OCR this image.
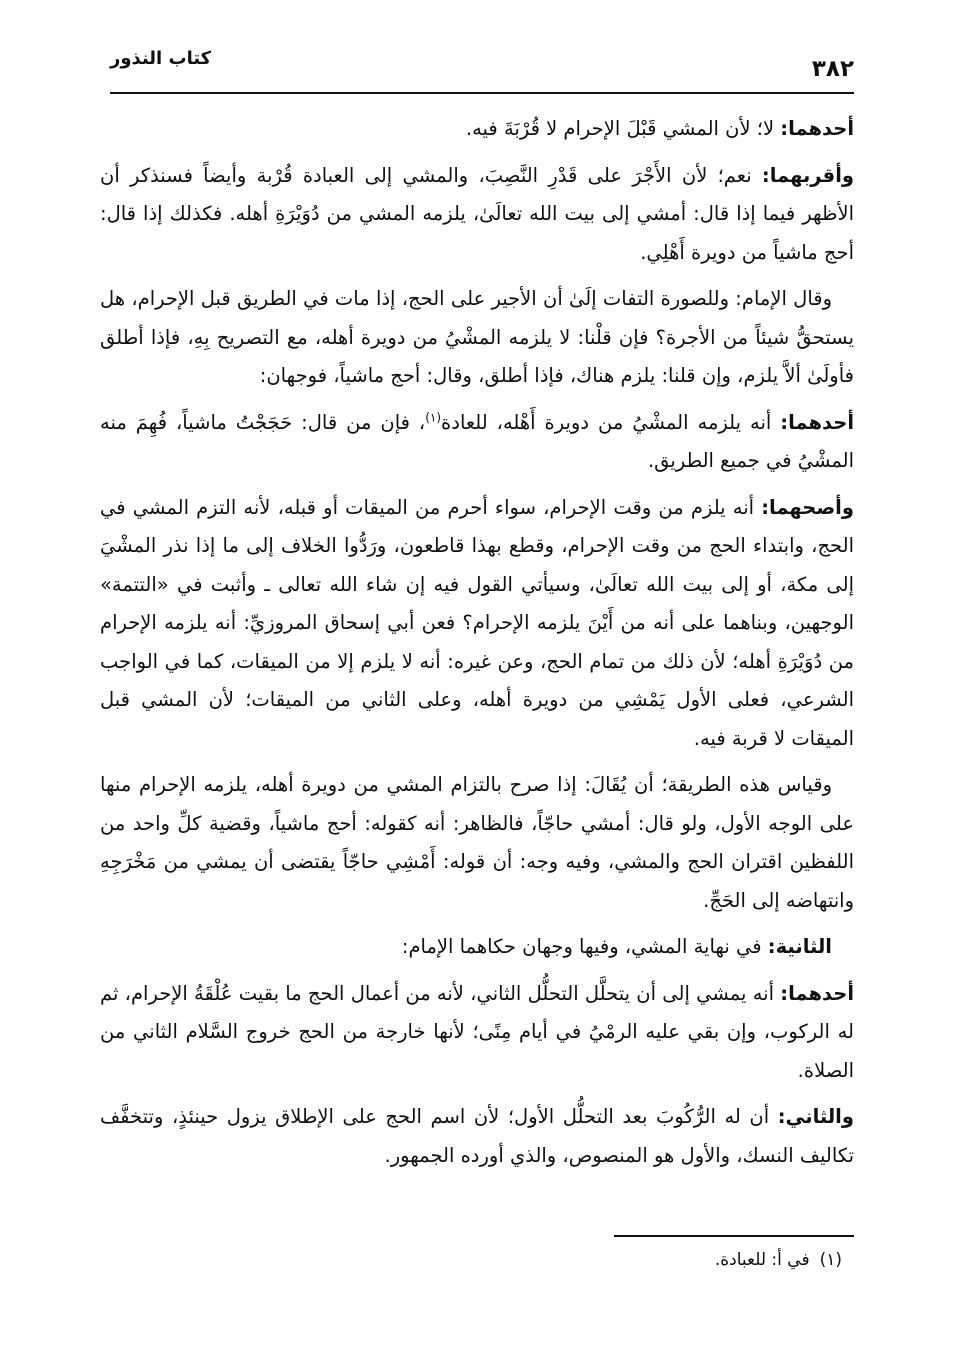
٣٨٢
كتاب النذور

أحدهما: لا؛ لأن المشي قَبْلَ الإحرام لا قُرْبَةَ فيه.

وأقربهما: نعم؛ لأن الأَجْرَ على قَدْرِ النَّصِبَ، والمشي إلى العبادة قُرْبة وأيضاً فسنذكر أن الأظهر فيما إذا قال: أمشي إلى بيت الله تعالَىٰ، يلزمه المشي من دُوَيْرَةِ أهله. فكذلك إذا قال: أحج ماشياً من دويرة أَهْلِي.

وقال الإمام: وللصورة التفات إلَىٰ أن الأجير على الحج، إذا مات في الطريق قبل الإحرام، هل يستحقُّ شيئاً من الأجرة؟ فإن قلْنا: لا يلزمه المشْيُ من دويرة أهله، مع التصريح بِهِ، فإذا أطلق فأولَىٰ ألاَّ يلزم، وإن قلنا: يلزم هناك، فإذا أطلق، وقال: أحج ماشياً، فوجهان:

أحدهما: أنه يلزمه المشْيُ من دويرة أَهْله، للعادة$^{(١)}$، فإن من قال: حَجَجْتُ ماشياً، فُهِمَ منه المشْيُ في جميع الطريق.

وأصحهما: أنه يلزم من وقت الإحرام، سواء أحرم من الميقات أو قبله، لأنه التزم المشي في الحج، وابتداء الحج من وقت الإحرام، وقطع بهذا قاطعون، ورَدُّوا الخلاف إلى ما إذا نذر المشْيَ إلى مكة، أو إلى بيت الله تعالَىٰ، وسيأتي القول فيه إن شاء الله تعالى ـ وأثبت في «التتمة» الوجهين، وبناهما على أنه من أَيْنَ يلزمه الإحرام؟ فعن أبي إسحاق المروزيِّ: أنه يلزمه الإحرام من دُوَيْرَةِ أهله؛ لأن ذلك من تمام الحج، وعن غيره: أنه لا يلزم إلا من الميقات، كما في الواجب الشرعي، فعلى الأول يَمْشِي من دويرة أهله، وعلى الثاني من الميقات؛ لأن المشي قبل الميقات لا قربة فيه.

وقياس هذه الطريقة؛ أن يُقَالَ: إذا صرح بالتزام المشي من دويرة أهله، يلزمه الإحرام منها على الوجه الأول، ولو قال: أمشي حاجّاً، فالظاهر: أنه كقوله: أحج ماشياً، وقضية كلِّ واحد من اللفظين اقتران الحج والمشي، وفيه وجه: أن قوله: أَمْشِي حاجّاً يقتضى أن يمشي من مَخْرَجِهِ وانتهاضه إلى الحَجِّ.

الثانية: في نهاية المشي، وفيها وجهان حكاهما الإمام:

أحدهما: أنه يمشي إلى أن يتحلَّل التحلُّل الثاني، لأنه من أعمال الحج ما بقيت عُلْقَةُ الإحرام، ثم له الركوب، وإن بقي عليه الرمْيُ في أيام مِنًى؛ لأنها خارجة من الحج خروج السَّلام الثاني من الصلاة.

والثاني: أن له الرُّكُوبَ بعد التحلُّل الأول؛ لأن اسم الحج على الإطلاق يزول حينئذٍ، وتتخفَّف تكاليف النسك، والأول هو المنصوص، والذي أورده الجمهور.

(١)في أ: للعبادة.
